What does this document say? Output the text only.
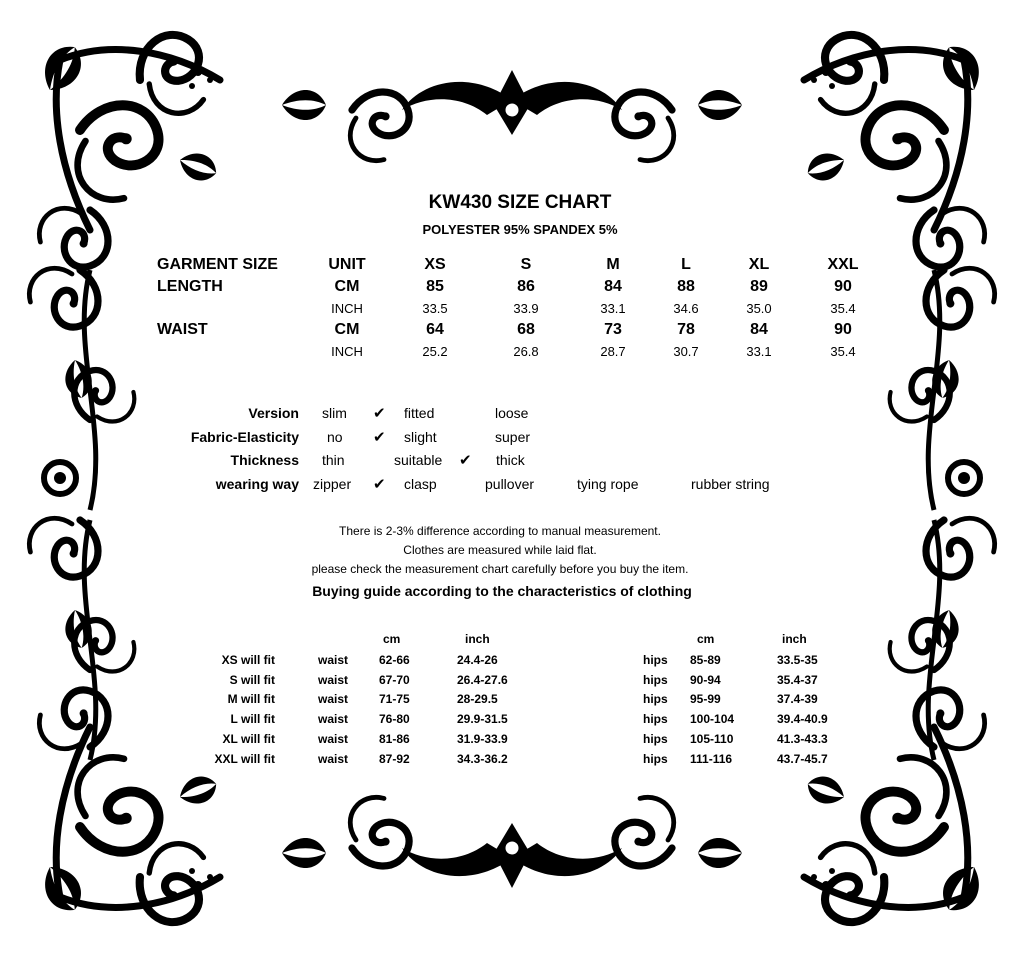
KW430 SIZE CHART
POLYESTER 95% SPANDEX 5%
GARMENT SIZE	UNIT	XS	S	M	L	XL	XXL
LENGTH	CM	85	86	84	88	89	90
INCH	33.5	33.9	33.1	34.6	35.0	35.4
WAIST	CM	64	68	73	78	84	90
INCH	25.2	26.8	28.7	30.7	33.1	35.4
Version slim ✔ fitted	loose
Fabric-Elasticity no ✔ slight	super
Thickness thin	suitable ✔ thick
wearing way zipper ✔ clasp	pullover	tying rope	rubber string
There is 2-3% difference according to manual measurement.
Clothes are measured while laid flat.
please check the measurement chart carefully before you buy the item.
Buying guide according to the characteristics of clothing
cm	inch	cm	inch
XS will fit	waist	62-66	24.4-26	hips 85-89	33.5-35
S will fit	waist	67-70	26.4-27.6	hips 90-94	35.4-37
M will fit	waist	71-75	28-29.5	hips 95-99	37.4-39
L will fit	waist	76-80	29.9-31.5	hips 100-104	39.4-40.9
XL will fit	waist	81-86	31.9-33.9	hips 105-110	41.3-43.3
XXL will fit	waist	87-92	34.3-36.2	hips 111-116	43.7-45.7
